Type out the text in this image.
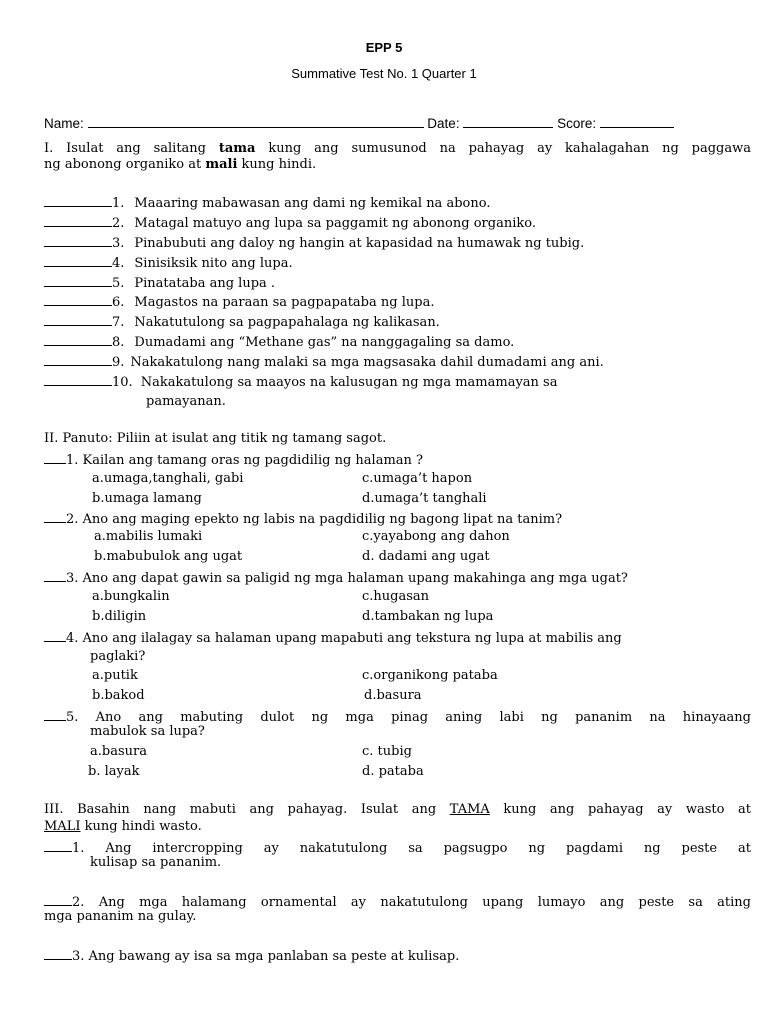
EPP 5
Summative Test No. 1 Quarter 1
Name:	Date:	Score:
I. Isulat ang salitang tama kung ang sumusunod na pahayag ay kahalagahan ng paggawa
ng abonong organiko at mali kung hindi.
1. Maaaring mabawasan ang dami ng kemikal na abono.
2. Matagal matuyo ang lupa sa paggamit ng abonong organiko.
3. Pinabubuti ang daloy ng hangin at kapasidad na humawak ng tubig.
4. Sinisiksik nito ang lupa.
5. Pinatataba ang lupa .
6. Magastos na paraan sa pagpapataba ng lupa.
7. Nakatutulong sa pagpapahalaga ng kalikasan.
8. Dumadami ang “Methane gas” na nanggagaling sa damo.
9. Nakakatulong nang malaki sa mga magsasaka dahil dumadami ang ani.
10. Nakakatulong sa maayos na kalusugan ng mga mamamayan sa
pamayanan.
II. Panuto: Piliin at isulat ang titik ng tamang sagot.
1. Kailan ang tamang oras ng pagdidilig ng halaman ?
a.umaga,tanghali, gabi	c.umaga’t hapon
b.umaga lamang	d.umaga’t tanghali
2. Ano ang maging epekto ng labis na pagdidilig ng bagong lipat na tanim?
a.mabilis lumaki	c.yayabong ang dahon
b.mabubulok ang ugat	d. dadami ang ugat
3. Ano ang dapat gawin sa paligid ng mga halaman upang makahinga ang mga ugat?
a.bungkalin	c.hugasan
b.diligin	d.tambakan ng lupa
4. Ano ang ilalagay sa halaman upang mapabuti ang tekstura ng lupa at mabilis ang
paglaki?
a.putik	c.organikong pataba
b.bakod	d.basura
5. Ano ang mabuting dulot ng mga pinag aning labi ng pananim na hinayaang
mabulok sa lupa?
a.basura	c. tubig
b. layak	d. pataba
III. Basahin nang mabuti ang pahayag. Isulat ang TAMA kung ang pahayag ay wasto at
MALI kung hindi wasto.
1. Ang intercropping ay nakatutulong sa pagsugpo ng pagdami ng peste at
kulisap sa pananim.
2. Ang mga halamang ornamental ay nakatutulong upang lumayo ang peste sa ating
mga pananim na gulay.
3. Ang bawang ay isa sa mga panlaban sa peste at kulisap.
